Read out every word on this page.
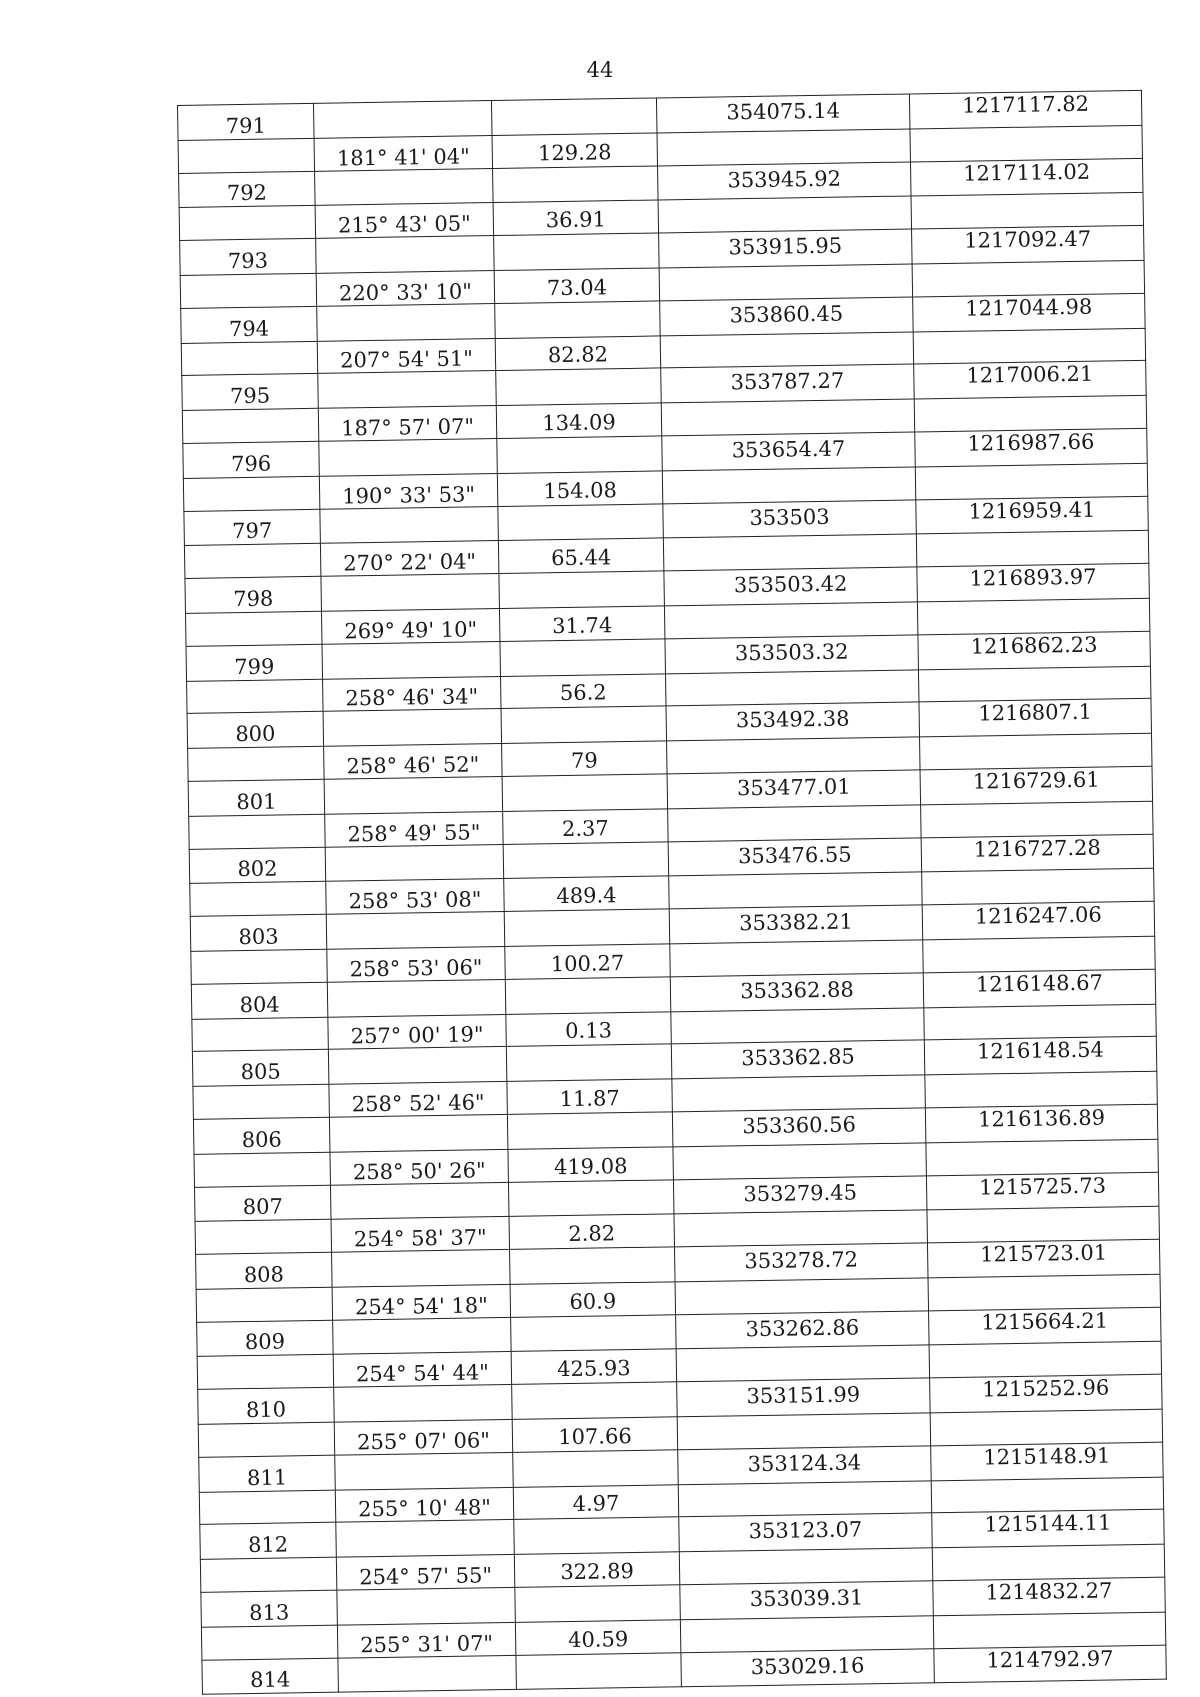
44
791			354075.14	1217117.82
	181° 41' 04"	129.28		
792			353945.92	1217114.02
	215° 43' 05"	36.91		
793			353915.95	1217092.47
	220° 33' 10"	73.04		
794			353860.45	1217044.98
	207° 54' 51"	82.82		
795			353787.27	1217006.21
	187° 57' 07"	134.09		
796			353654.47	1216987.66
	190° 33' 53"	154.08		
797			353503	1216959.41
	270° 22' 04"	65.44		
798			353503.42	1216893.97
	269° 49' 10"	31.74		
799			353503.32	1216862.23
	258° 46' 34"	56.2		
800			353492.38	1216807.1
	258° 46' 52"	79		
801			353477.01	1216729.61
	258° 49' 55"	2.37		
802			353476.55	1216727.28
	258° 53' 08"	489.4		
803			353382.21	1216247.06
	258° 53' 06"	100.27		
804			353362.88	1216148.67
	257° 00' 19"	0.13		
805			353362.85	1216148.54
	258° 52' 46"	11.87		
806			353360.56	1216136.89
	258° 50' 26"	419.08		
807			353279.45	1215725.73
	254° 58' 37"	2.82		
808			353278.72	1215723.01
	254° 54' 18"	60.9		
809			353262.86	1215664.21
	254° 54' 44"	425.93		
810			353151.99	1215252.96
	255° 07' 06"	107.66		
811			353124.34	1215148.91
	255° 10' 48"	4.97		
812			353123.07	1215144.11
	254° 57' 55"	322.89		
813			353039.31	1214832.27
	255° 31' 07"	40.59		
814			353029.16	1214792.97
